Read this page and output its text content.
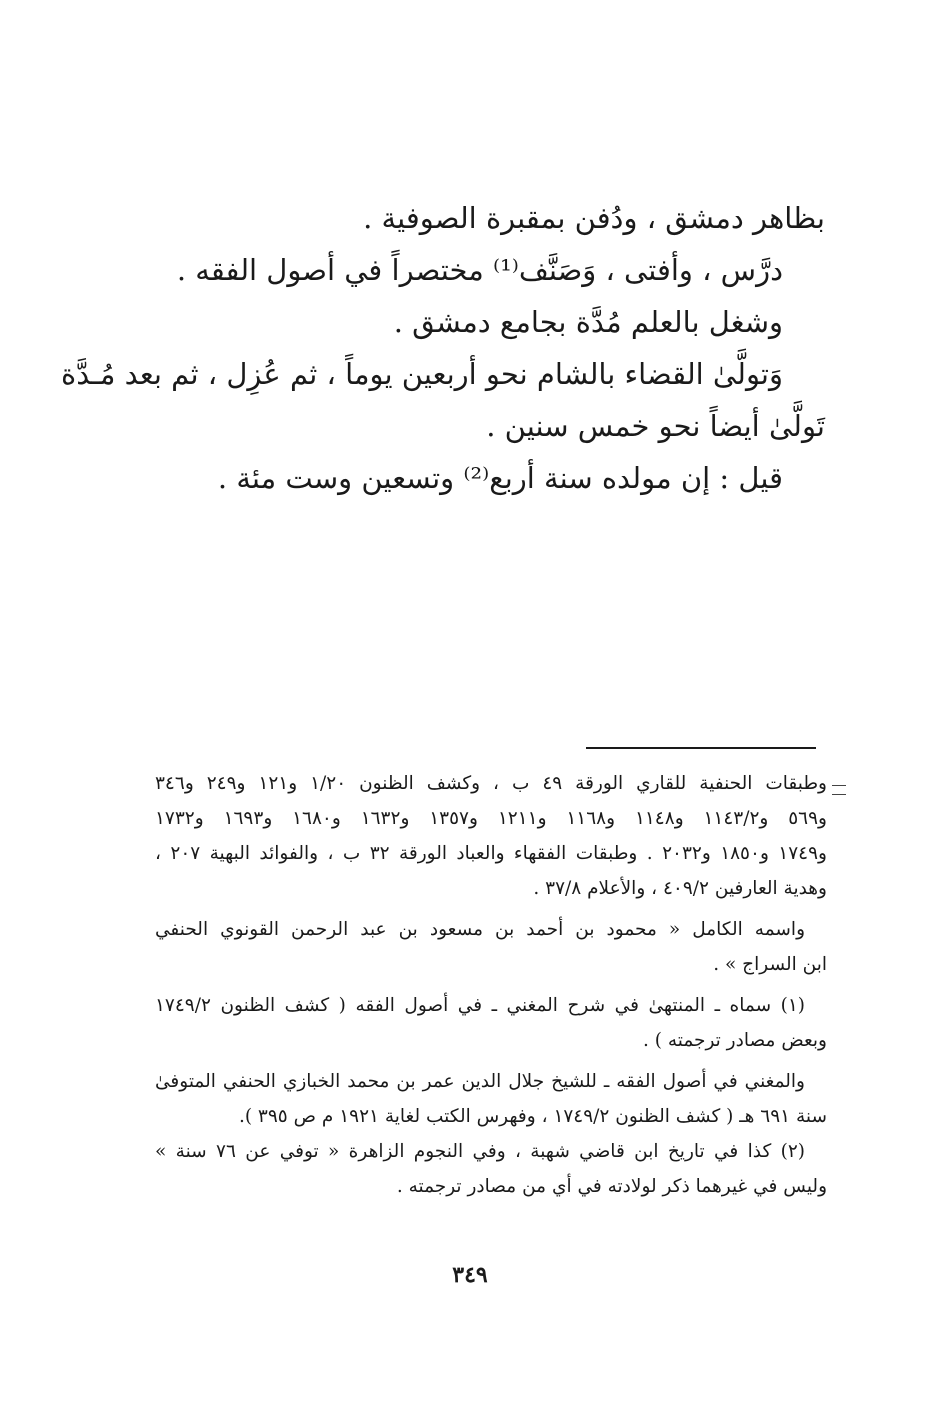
بظاهر دمشق ، ودُفن بمقبرة الصوفية .
درَّس ، وأفتى ، وَصَنَّف⁽¹⁾ مختصراً في أصول الفقه .
وشغل بالعلم مُدَّة بجامع دمشق .
وَتولَّىٰ القضاء بالشام نحو أربعين يوماً ، ثم عُزِل ، ثم بعد مُـدَّة
تَولَّىٰ أيضاً نحو خمس سنين .
قيل : إن مولده سنة أربع⁽²⁾ وتسعين وست مئة .
وطبقات الحنفية للقاري الورقة ٤٩ ب ، وكشف الظنون ١/٢٠ و١٢١ و٢٤٩ و٣٤٦
و٥٦٩ و١١٤٣/٢ و١١٤٨ و١١٦٨ و١٢١١ و١٣٥٧ و١٦٣٢ و١٦٨٠ و١٦٩٣ و١٧٣٢
و١٧٤٩ و١٨٥٠ و٢٠٣٢ . وطبقات الفقهاء والعباد الورقة ٣٢ ب ، والفوائد البهية ٢٠٧ ،
وهدية العارفين ٤٠٩/٢ ، والأعلام ٣٧/٨ .
واسمه الكامل « محمود بن أحمد بن مسعود بن عبد الرحمن القونوي الحنفي
ابن السراج » .
(١) سماه ـ المنتهىٰ في شرح المغني ـ في أصول الفقه ( كشف الظنون ١٧٤٩/٢
وبعض مصادر ترجمته ) .
والمغني في أصول الفقه ـ للشيخ جلال الدين عمر بن محمد الخبازي الحنفي المتوفىٰ
سنة ٦٩١ هـ ( كشف الظنون ١٧٤٩/٢ ، وفهرس الكتب لغاية ١٩٢١ م ص ٣٩٥ ).
(٢) كذا في تاريخ ابن قاضي شهبة ، وفي النجوم الزاهرة « توفي عن ٧٦ سنة »
وليس في غيرهما ذكر لولادته في أي من مصادر ترجمته .
٣٤٩
